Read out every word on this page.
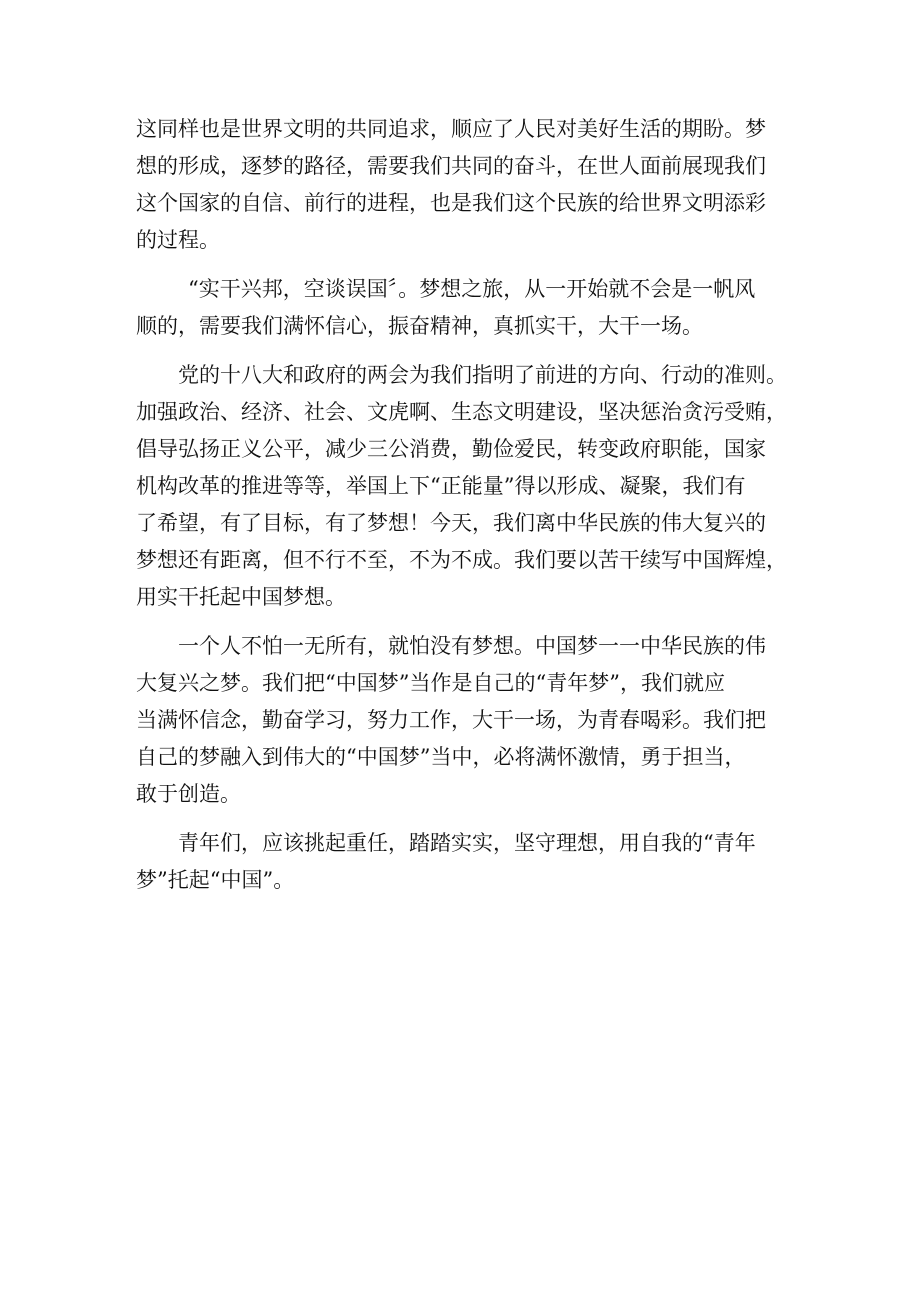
这同样也是世界文明的共同追求，顺应了人民对美好生活的期盼。梦
想的形成，逐梦的路径，需要我们共同的奋斗，在世人面前展现我们
这个国家的自信、前行的进程，也是我们这个民族的给世界文明添彩
的过程。
“实干兴邦，空谈误国〞。梦想之旅，从一开始就不会是一帆风
顺的，需要我们满怀信心，振奋精神，真抓实干，大干一场。
党的十八大和政府的两会为我们指明了前进的方向、行动的准则。
加强政治、经济、社会、文虎啊、生态文明建设，坚决惩治贪污受贿，
倡导弘扬正义公平，减少三公消费，勤俭爱民，转变政府职能，国家
机构改革的推进等等，举国上下“正能量”得以形成、凝聚，我们有
了希望，有了目标，有了梦想！今天，我们离中华民族的伟大复兴的
梦想还有距离，但不行不至，不为不成。我们要以苦干续写中国辉煌，
用实干托起中国梦想。
一个人不怕一无所有，就怕没有梦想。中国梦一一中华民族的伟
大复兴之梦。我们把“中国梦”当作是自己的“青年梦”，我们就应
当满怀信念，勤奋学习，努力工作，大干一场，为青春喝彩。我们把
自己的梦融入到伟大的“中国梦”当中，必将满怀激情，勇于担当，
敢于创造。
青年们，应该挑起重任，踏踏实实，坚守理想，用自我的“青年
梦”托起“中国”。
